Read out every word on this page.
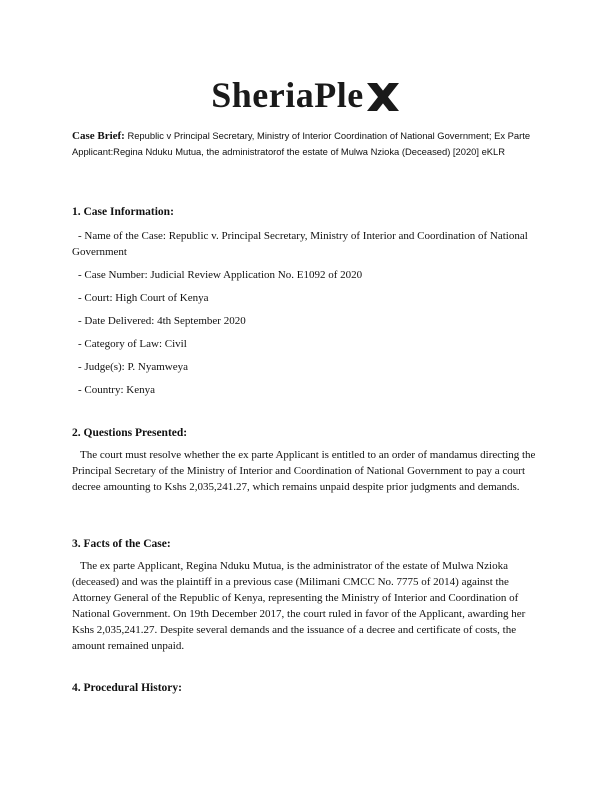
SheriaPle
Case Brief: Republic v Principal Secretary, Ministry of Interior Coordination of National Government; Ex Parte Applicant:Regina Nduku Mutua, the administratorof the estate of Mulwa Nzioka (Deceased) [2020] eKLR
1. Case Information:
- Name of the Case: Republic v. Principal Secretary, Ministry of Interior and Coordination of National Government
- Case Number: Judicial Review Application No. E1092 of 2020
- Court: High Court of Kenya
- Date Delivered: 4th September 2020
- Category of Law: Civil
- Judge(s): P. Nyamweya
- Country: Kenya
2. Questions Presented:

The court must resolve whether the ex parte Applicant is entitled to an order of mandamus directing the Principal Secretary of the Ministry of Interior and Coordination of National Government to pay a court decree amounting to Kshs 2,035,241.27, which remains unpaid despite prior judgments and demands.

3. Facts of the Case:

The ex parte Applicant, Regina Nduku Mutua, is the administrator of the estate of Mulwa Nzioka (deceased) and was the plaintiff in a previous case (Milimani CMCC No. 7775 of 2014) against the Attorney General of the Republic of Kenya, representing the Ministry of Interior and Coordination of National Government. On 19th December 2017, the court ruled in favor of the Applicant, awarding her Kshs 2,035,241.27. Despite several demands and the issuance of a decree and certificate of costs, the amount remained unpaid.

4. Procedural History:
